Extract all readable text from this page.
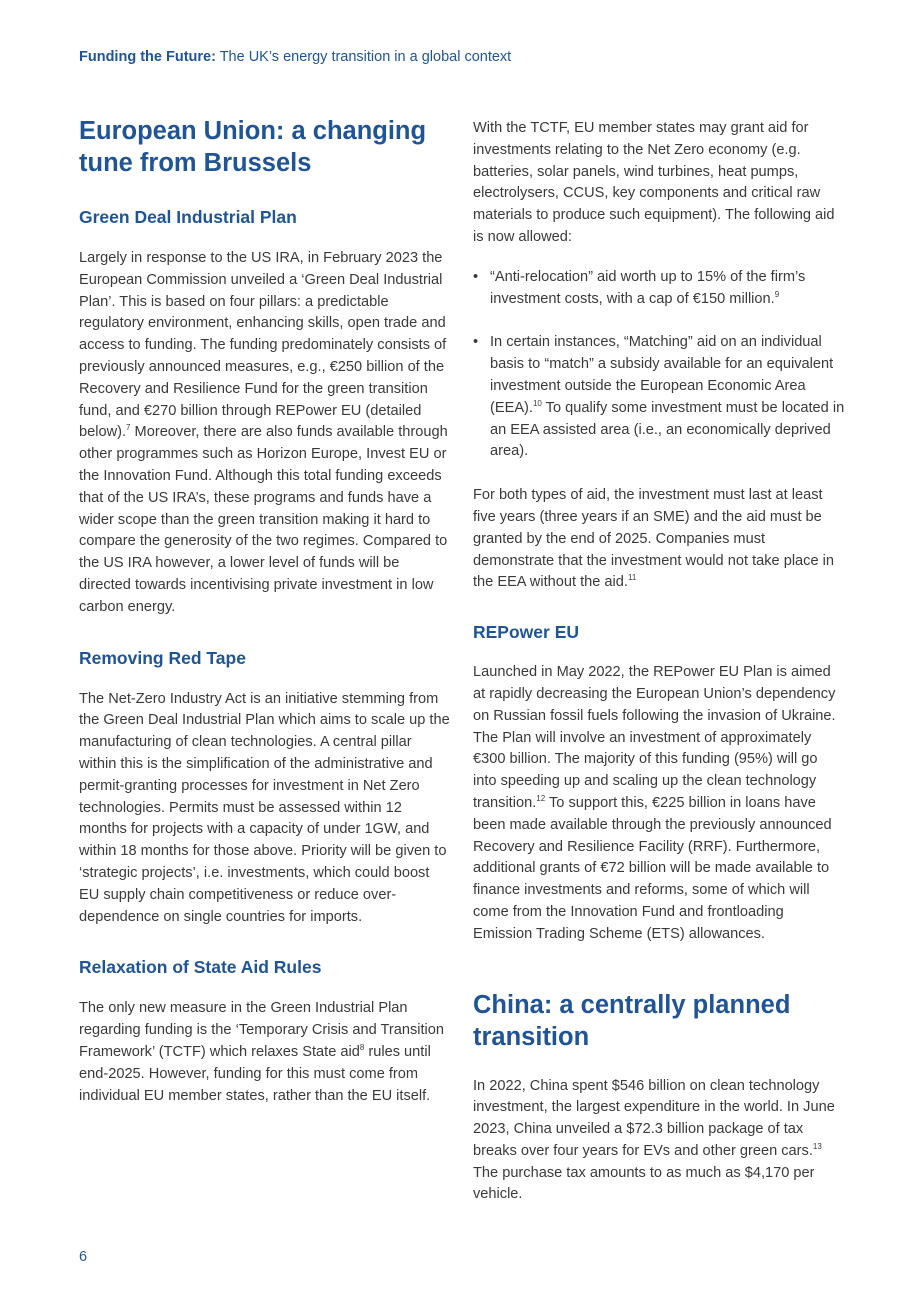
Funding the Future: The UK’s energy transition in a global context
European Union: a changing tune from Brussels
Green Deal Industrial Plan

Largely in response to the US IRA, in February 2023 the European Commission unveiled a ‘Green Deal Industrial Plan’. This is based on four pillars: a predictable regulatory environment, enhancing skills, open trade and access to funding. The funding predominately consists of previously announced measures, e.g., €250 billion of the Recovery and Resilience Fund for the green transition fund, and €270 billion through REPower EU (detailed below).$^7$ Moreover, there are also funds available through other programmes such as Horizon Europe, Invest EU or the Innovation Fund. Although this total funding exceeds that of the US IRA’s, these programs and funds have a wider scope than the green transition making it hard to compare the generosity of the two regimes. Compared to the US IRA however, a lower level of funds will be directed towards incentivising private investment in low carbon energy.

Removing Red Tape

The Net-Zero Industry Act is an initiative stemming from the Green Deal Industrial Plan which aims to scale up the manufacturing of clean technologies. A central pillar within this is the simplification of the administrative and permit-granting processes for investment in Net Zero technologies. Permits must be assessed within 12 months for projects with a capacity of under 1GW, and within 18 months for those above. Priority will be given to ‘strategic projects’, i.e. investments, which could boost EU supply chain competitiveness or reduce over-dependence on single countries for imports.

Relaxation of State Aid Rules

The only new measure in the Green Industrial Plan regarding funding is the ‘Temporary Crisis and Transition Framework’ (TCTF) which relaxes State aid$^8$ rules until end-2025. However, funding for this must come from individual EU member states, rather than the EU itself.

With the TCTF, EU member states may grant aid for investments relating to the Net Zero economy (e.g. batteries, solar panels, wind turbines, heat pumps, electrolysers, CCUS, key components and critical raw materials to produce such equipment). The following aid is now allowed:

• “Anti-relocation” aid worth up to 15% of the firm’s investment costs, with a cap of €150 million.$^9$
• In certain instances, “Matching” aid on an individual basis to “match” a subsidy available for an equivalent investment outside the European Economic Area (EEA).$^{10}$ To qualify some investment must be located in an EEA assisted area (i.e., an economically deprived area).

For both types of aid, the investment must last at least five years (three years if an SME) and the aid must be granted by the end of 2025. Companies must demonstrate that the investment would not take place in the EEA without the aid.$^{11}$

REPower EU

Launched in May 2022, the REPower EU Plan is aimed at rapidly decreasing the European Union’s dependency on Russian fossil fuels following the invasion of Ukraine. The Plan will involve an investment of approximately €300 billion. The majority of this funding (95%) will go into speeding up and scaling up the clean technology transition.$^{12}$ To support this, €225 billion in loans have been made available through the previously announced Recovery and Resilience Facility (RRF). Furthermore, additional grants of €72 billion will be made available to finance investments and reforms, some of which will come from the Innovation Fund and frontloading Emission Trading Scheme (ETS) allowances.

China: a centrally planned transition

In 2022, China spent $546 billion on clean technology investment, the largest expenditure in the world. In June 2023, China unveiled a $72.3 billion package of tax breaks over four years for EVs and other green cars.$^{13}$ The purchase tax amounts to as much as $4,170 per vehicle.

6
